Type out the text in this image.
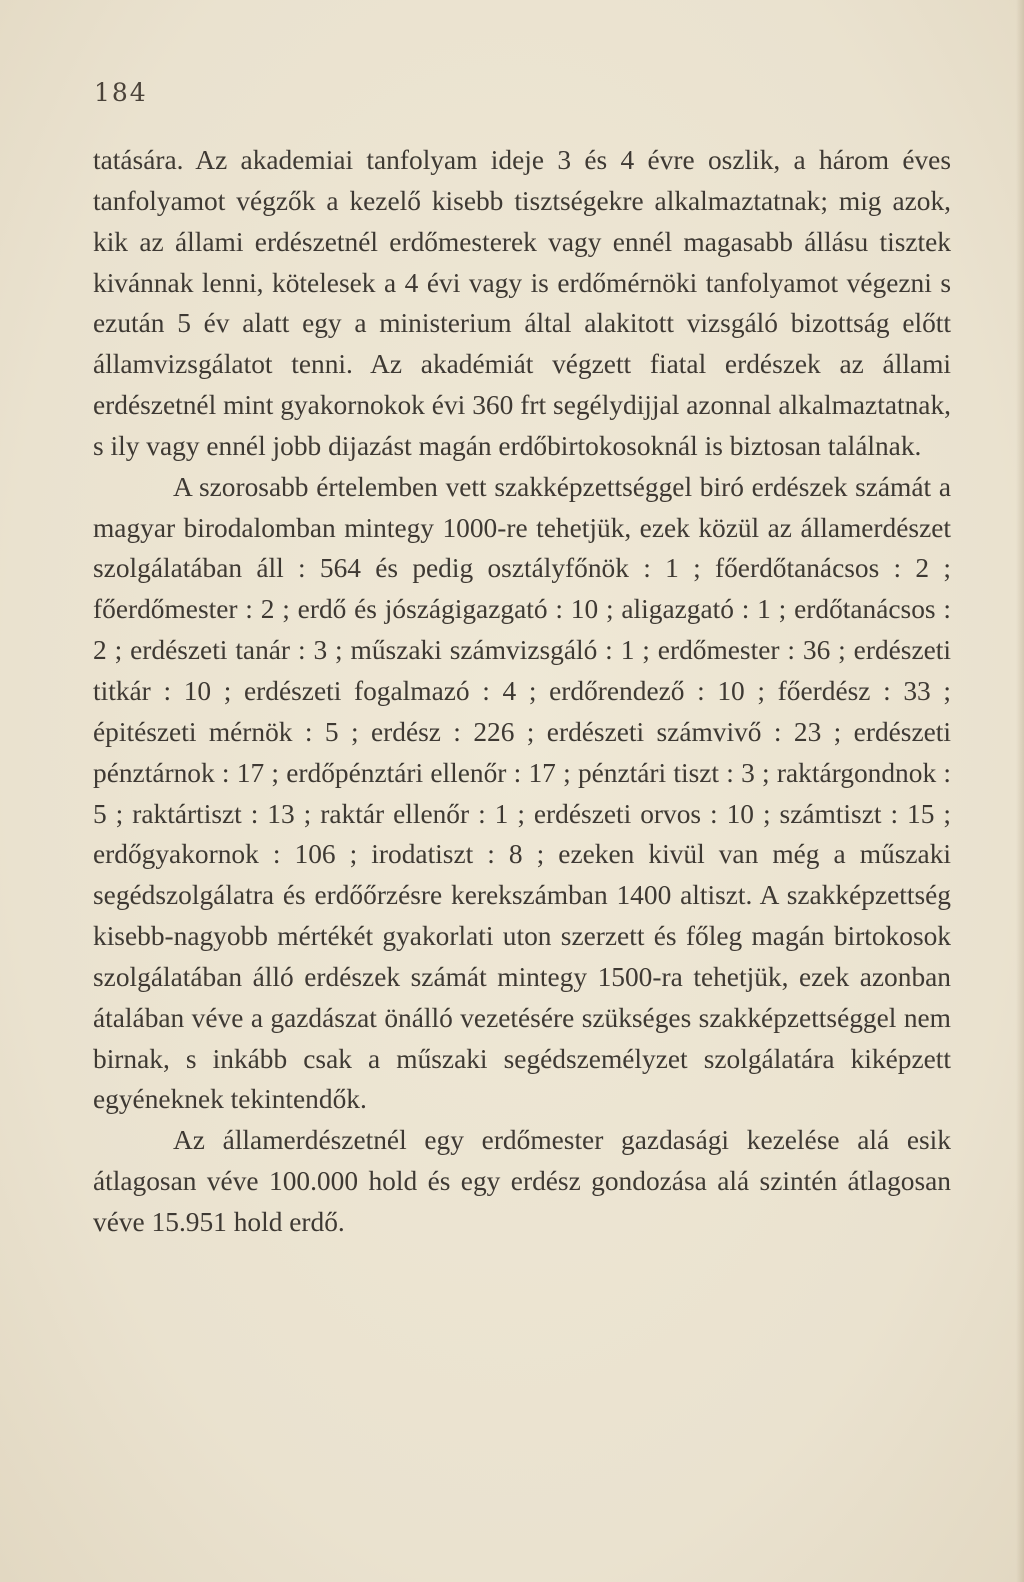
184

tatására. Az akademiai tanfolyam ideje 3 és 4 évre oszlik, a három éves tanfolyamot végzők a kezelő kisebb tisztségekre alkalmaztatnak; mig azok, kik az állami erdészetnél erdőmesterek vagy ennél magasabb állásu tisztek kivánnak lenni, kötelesek a 4 évi vagy is erdőmérnöki tanfolyamot végezni s ezután 5 év alatt egy a ministerium által alakitott vizsgáló bizottság előtt államvizsgálatot tenni. Az akadémiát végzett fiatal erdészek az állami erdészetnél mint gyakornokok évi 360 frt segélydijjal azonnal alkalmaztatnak, s ily vagy ennél jobb dijazást magán erdőbirtokosoknál is biztosan találnak.

A szorosabb értelemben vett szakképzettséggel biró erdészek számát a magyar birodalomban mintegy 1000-re tehetjük, ezek közül az államerdészet szolgálatában áll : 564 és pedig osztályfőnök : 1 ; főerdőtanácsos : 2 ; főerdőmester : 2 ; erdő és jószágigazgató : 10 ; aligazgató : 1 ; erdőtanácsos : 2 ; erdészeti tanár : 3 ; műszaki számvizsgáló : 1 ; erdőmester : 36 ; erdészeti titkár : 10 ; erdészeti fogalmazó : 4 ; erdőrendező : 10 ; főerdész : 33 ; épitészeti mérnök : 5 ; erdész : 226 ; erdészeti számvivő : 23 ; erdészeti pénztárnok : 17 ; erdőpénztári ellenőr : 17 ; pénztári tiszt : 3 ; raktárgondnok : 5 ; raktártiszt : 13 ; raktár ellenőr : 1 ; erdészeti orvos : 10 ; számtiszt : 15 ; erdőgyakornok : 106 ; irodatiszt : 8 ; ezeken kivül van még a műszaki segédszolgálatra és erdőőrzésre kerekszámban 1400 altiszt. A szakképzettség kisebb-nagyobb mértékét gyakorlati uton szerzett és főleg magán birtokosok szolgálatában álló erdészek számát mintegy 1500-ra tehetjük, ezek azonban átalában véve a gazdászat önálló vezetésére szükséges szakképzettséggel nem birnak, s inkább csak a műszaki segédszemélyzet szolgálatára kiképzett egyéneknek tekintendők.

Az államerdészetnél egy erdőmester gazdasági kezelése alá esik átlagosan véve 100.000 hold és egy erdész gondozása alá szintén átlagosan véve 15.951 hold erdő.
